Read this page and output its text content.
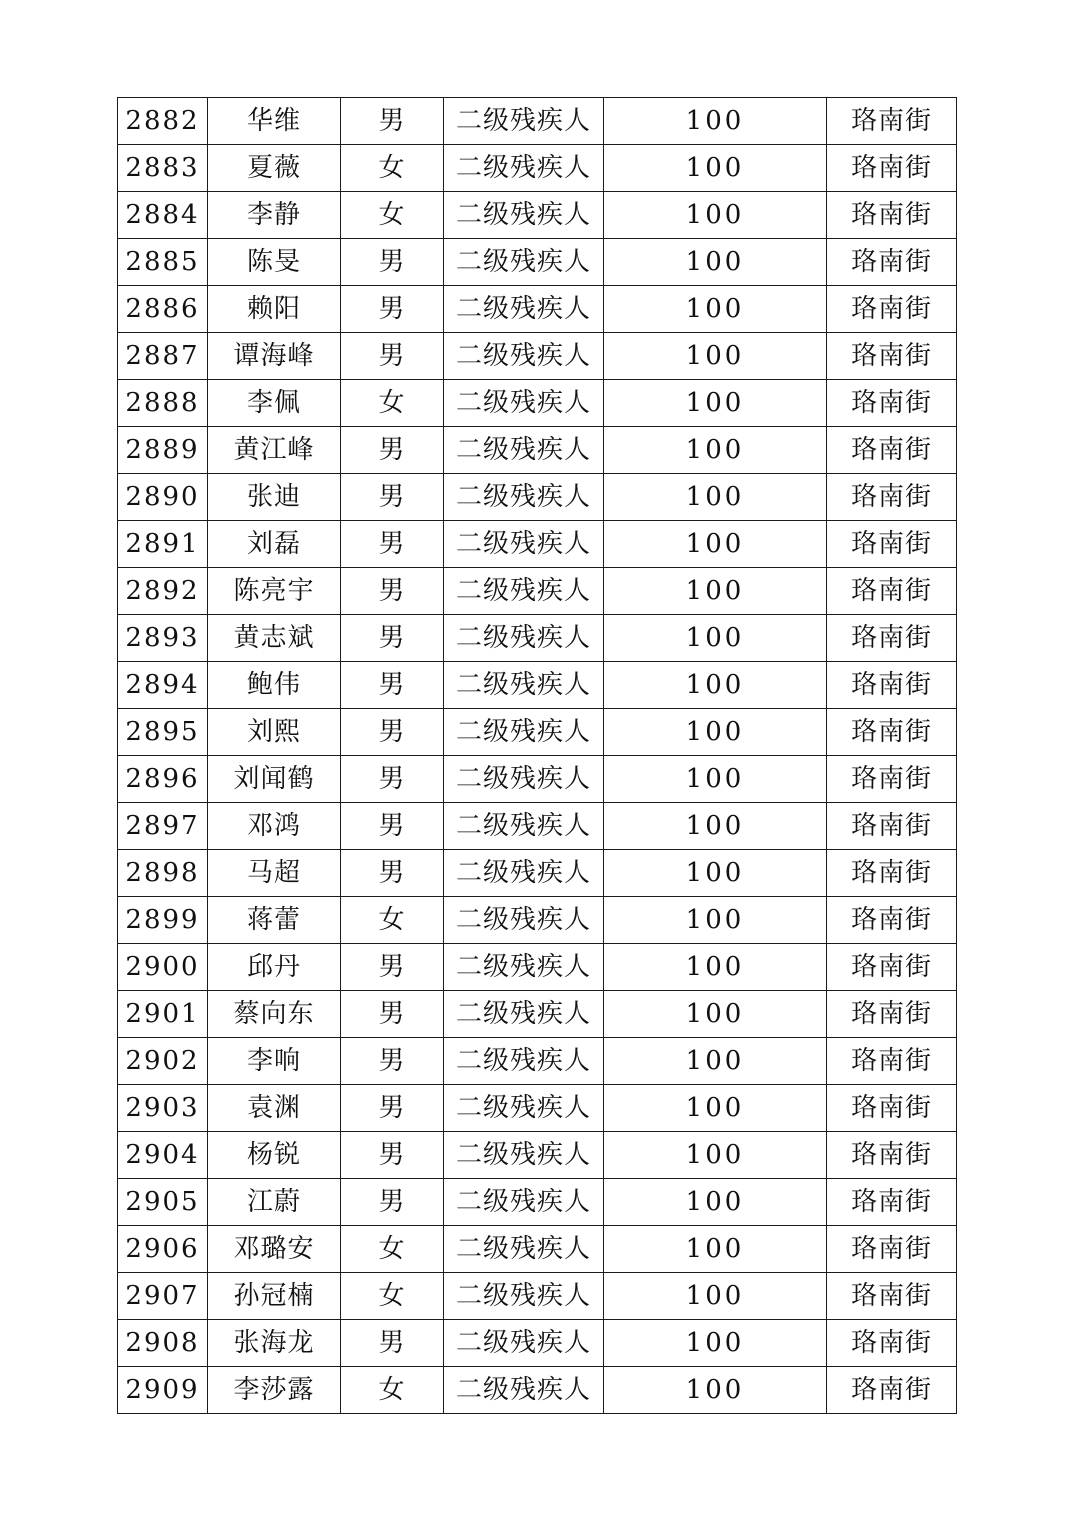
2882	华维	男	二级残疾人	100	珞南街
2883	夏薇	女	二级残疾人	100	珞南街
2884	李静	女	二级残疾人	100	珞南街
2885	陈旻	男	二级残疾人	100	珞南街
2886	赖阳	男	二级残疾人	100	珞南街
2887	谭海峰	男	二级残疾人	100	珞南街
2888	李佩	女	二级残疾人	100	珞南街
2889	黄江峰	男	二级残疾人	100	珞南街
2890	张迪	男	二级残疾人	100	珞南街
2891	刘磊	男	二级残疾人	100	珞南街
2892	陈亮宇	男	二级残疾人	100	珞南街
2893	黄志斌	男	二级残疾人	100	珞南街
2894	鲍伟	男	二级残疾人	100	珞南街
2895	刘熙	男	二级残疾人	100	珞南街
2896	刘闻鹤	男	二级残疾人	100	珞南街
2897	邓鸿	男	二级残疾人	100	珞南街
2898	马超	男	二级残疾人	100	珞南街
2899	蒋蕾	女	二级残疾人	100	珞南街
2900	邱丹	男	二级残疾人	100	珞南街
2901	蔡向东	男	二级残疾人	100	珞南街
2902	李响	男	二级残疾人	100	珞南街
2903	袁渊	男	二级残疾人	100	珞南街
2904	杨锐	男	二级残疾人	100	珞南街
2905	江蔚	男	二级残疾人	100	珞南街
2906	邓璐安	女	二级残疾人	100	珞南街
2907	孙冠楠	女	二级残疾人	100	珞南街
2908	张海龙	男	二级残疾人	100	珞南街
2909	李莎露	女	二级残疾人	100	珞南街
